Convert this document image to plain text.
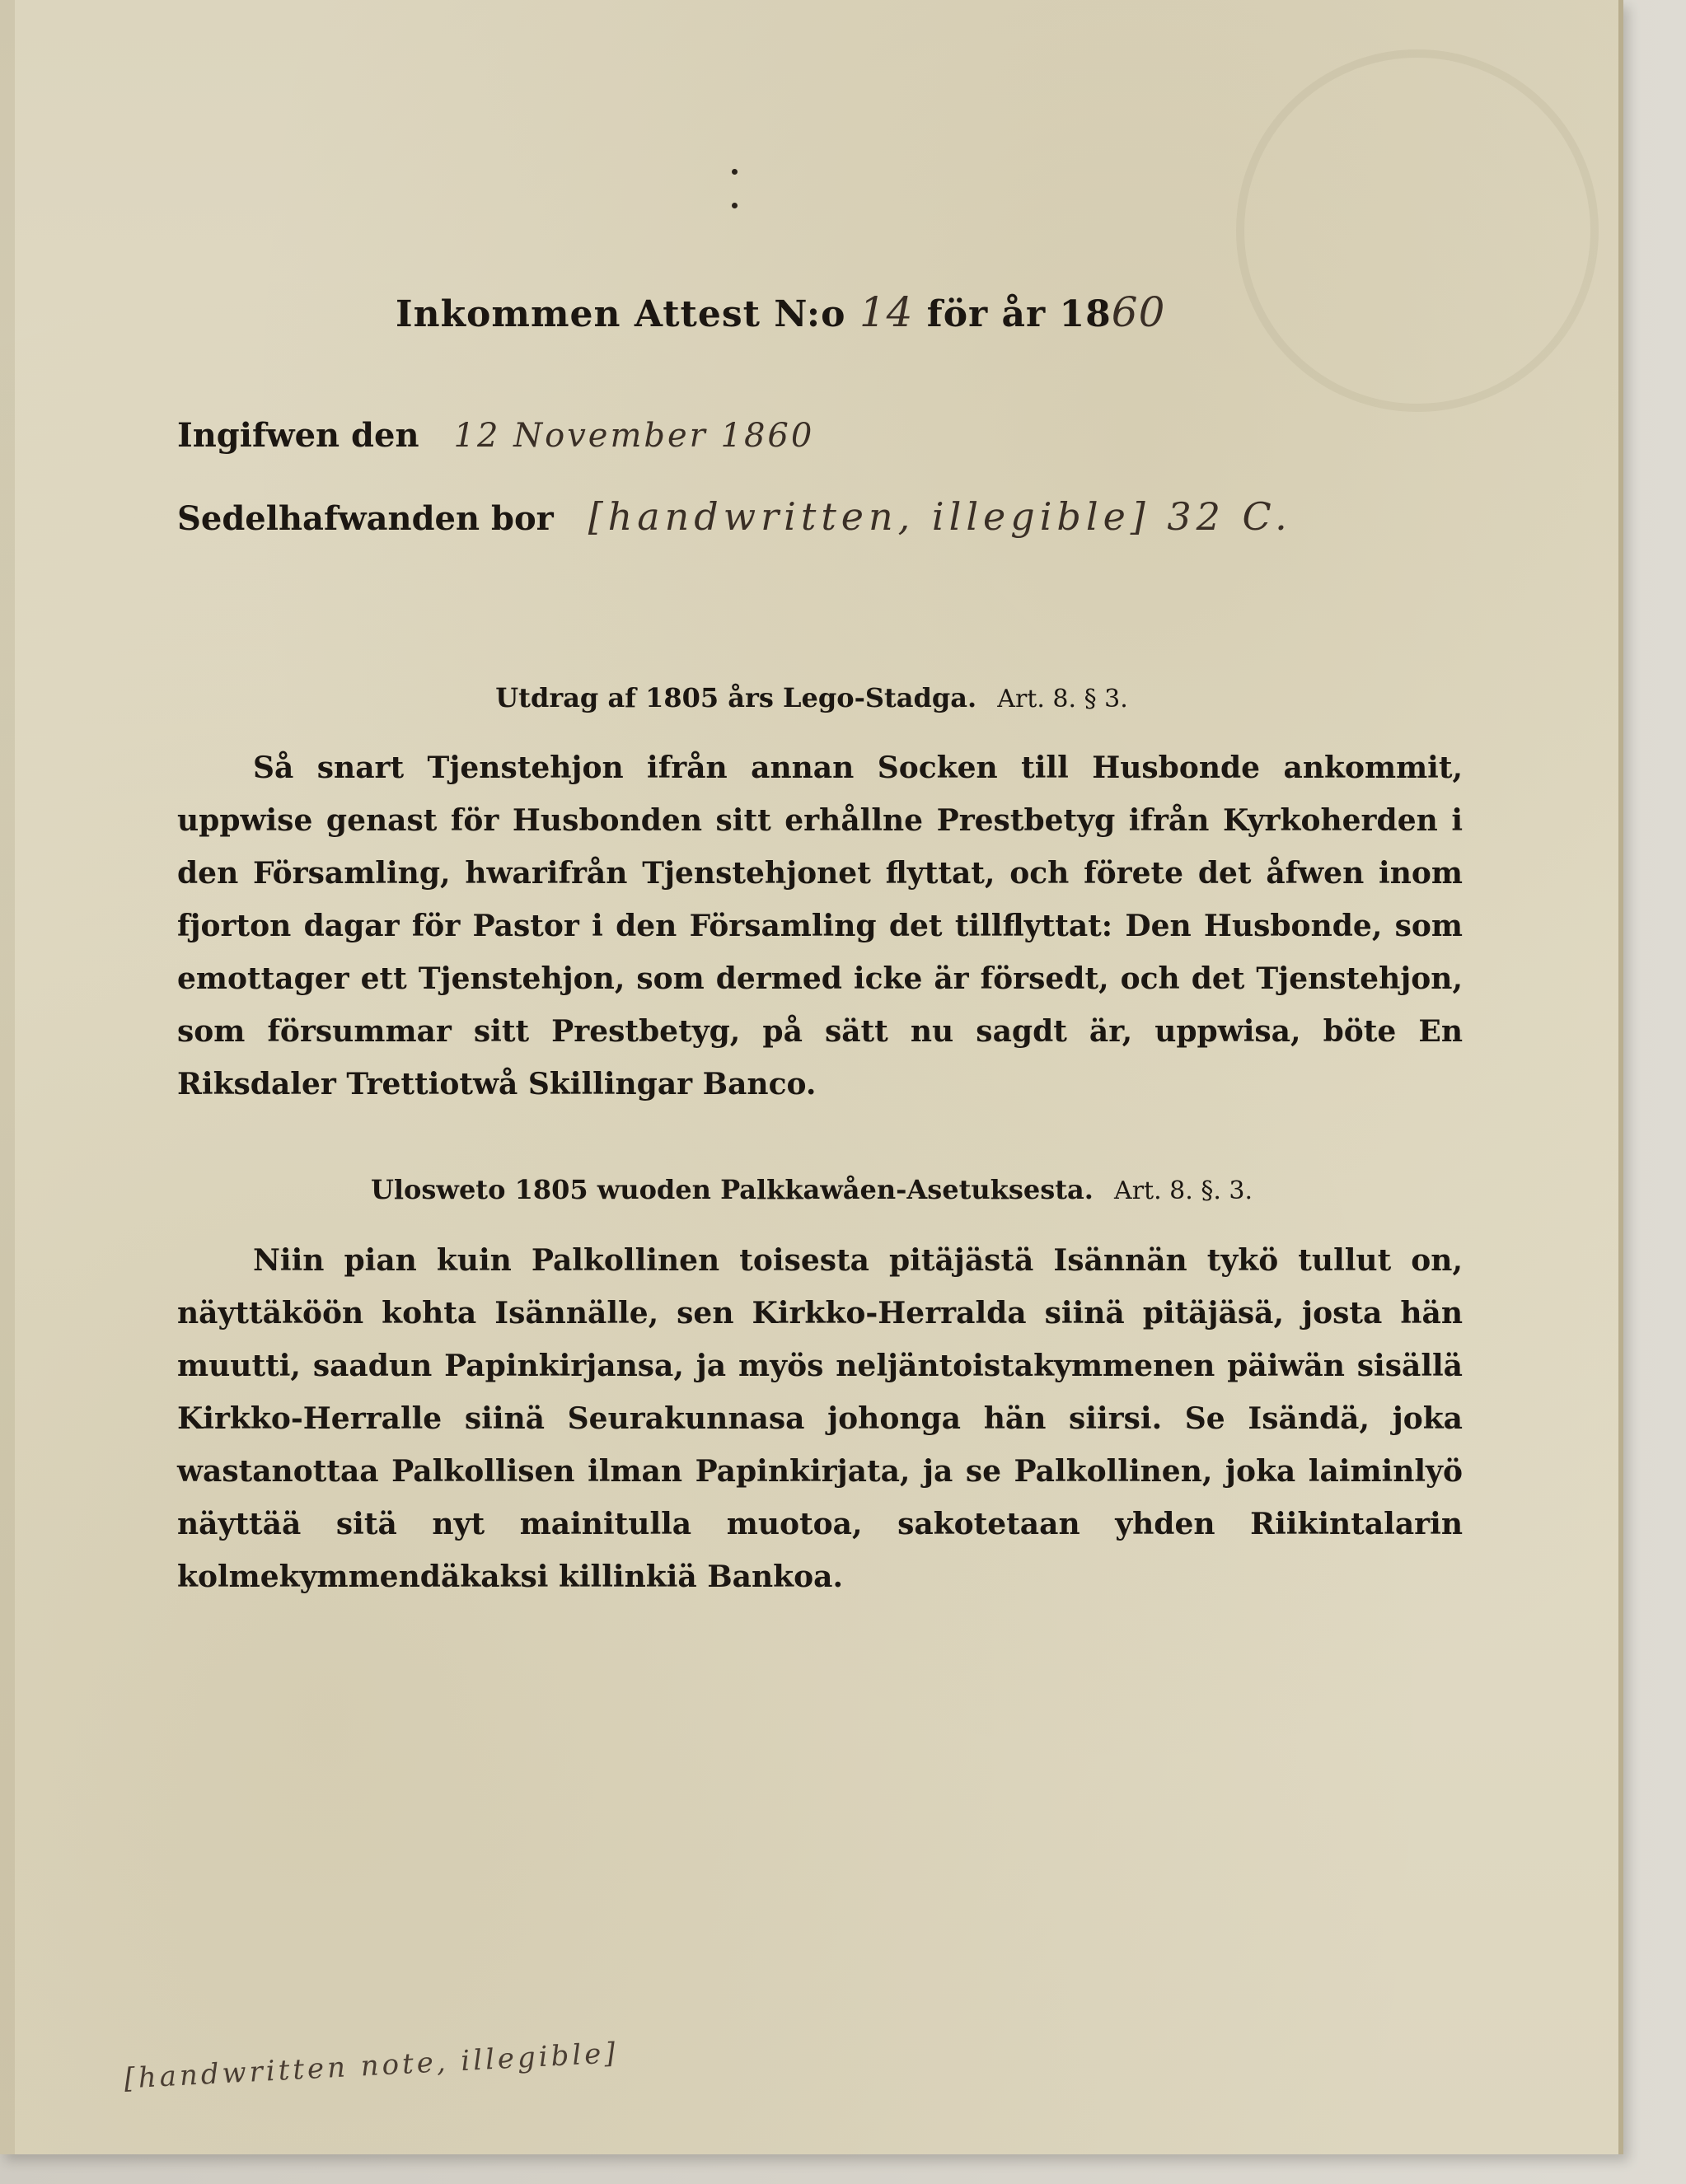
Inkommen Attest N:o 14 för år 1860
Ingifwen den 12 November 1860
Sedelhafwanden bor [handwritten, illegible] 32 C.
Utdrag af 1805 års Lego-Stadga. Art. 8. § 3.
Så snart Tjenstehjon ifrån annan Socken till Husbonde ankommit, uppwise genast för Husbonden sitt erhållne Prestbetyg ifrån Kyrkoherden i den Församling, hwarifrån Tjenstehjonet flyttat, och förete det åfwen inom fjorton dagar för Pastor i den Församling det tillflyttat: Den Husbonde, som emottager ett Tjenstehjon, som dermed icke är försedt, och det Tjenstehjon, som försummar sitt Prestbetyg, på sätt nu sagdt är, uppwisa, böte En Riksdaler Trettiotwå Skillingar Banco.
Ulosweto 1805 wuoden Palkkawåen-Asetuksesta. Art. 8. §. 3.
Niin pian kuin Palkollinen toisesta pitäjästä Isännän tykö tullut on, näyttäköön kohta Isännälle, sen Kirkko-Herralda siinä pitäjäsä, josta hän muutti, saadun Papinkirjansa, ja myös neljäntoistakymmenen päiwän sisällä Kirkko-Herralle siinä Seurakunnasa johonga hän siirsi. Se Isändä, joka wastanottaa Palkollisen ilman Papinkirjata, ja se Palkollinen, joka laiminlyö näyttää sitä nyt mainitulla muotoa, sakotetaan yhden Riikintalarin kolmekymmendäkaksi killinkiä Bankoa.
[handwritten note, illegible]
